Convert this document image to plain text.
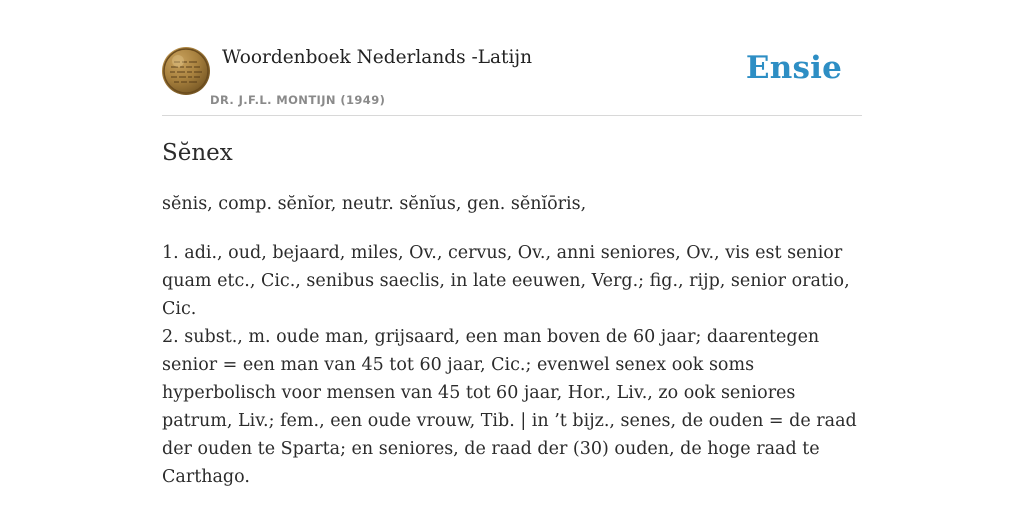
Woordenboek Nederlands -Latijn
DR. J.F.L. MONTIJN (1949)
Ensie
Sĕnex
sĕnis, comp. sĕnĭor, neutr. sĕnĭus, gen. sĕnĭōris,
1. adi., oud, bejaard, miles, Ov., cervus, Ov., anni seniores, Ov., vis est senior quam etc., Cic., senibus saeclis, in late eeuwen, Verg.; fig., rijp, senior oratio, Cic.
2. subst., m. oude man, grijsaard, een man boven de 60 jaar; daarentegen senior = een man van 45 tot 60 jaar, Cic.; evenwel senex ook soms hyperbolisch voor mensen van 45 tot 60 jaar, Hor., Liv., zo ook seniores patrum, Liv.; fem., een oude vrouw, Tib. | in ’t bijz., senes, de ouden = de raad der ouden te Sparta; en seniores, de raad der (30) ouden, de hoge raad te Carthago.
